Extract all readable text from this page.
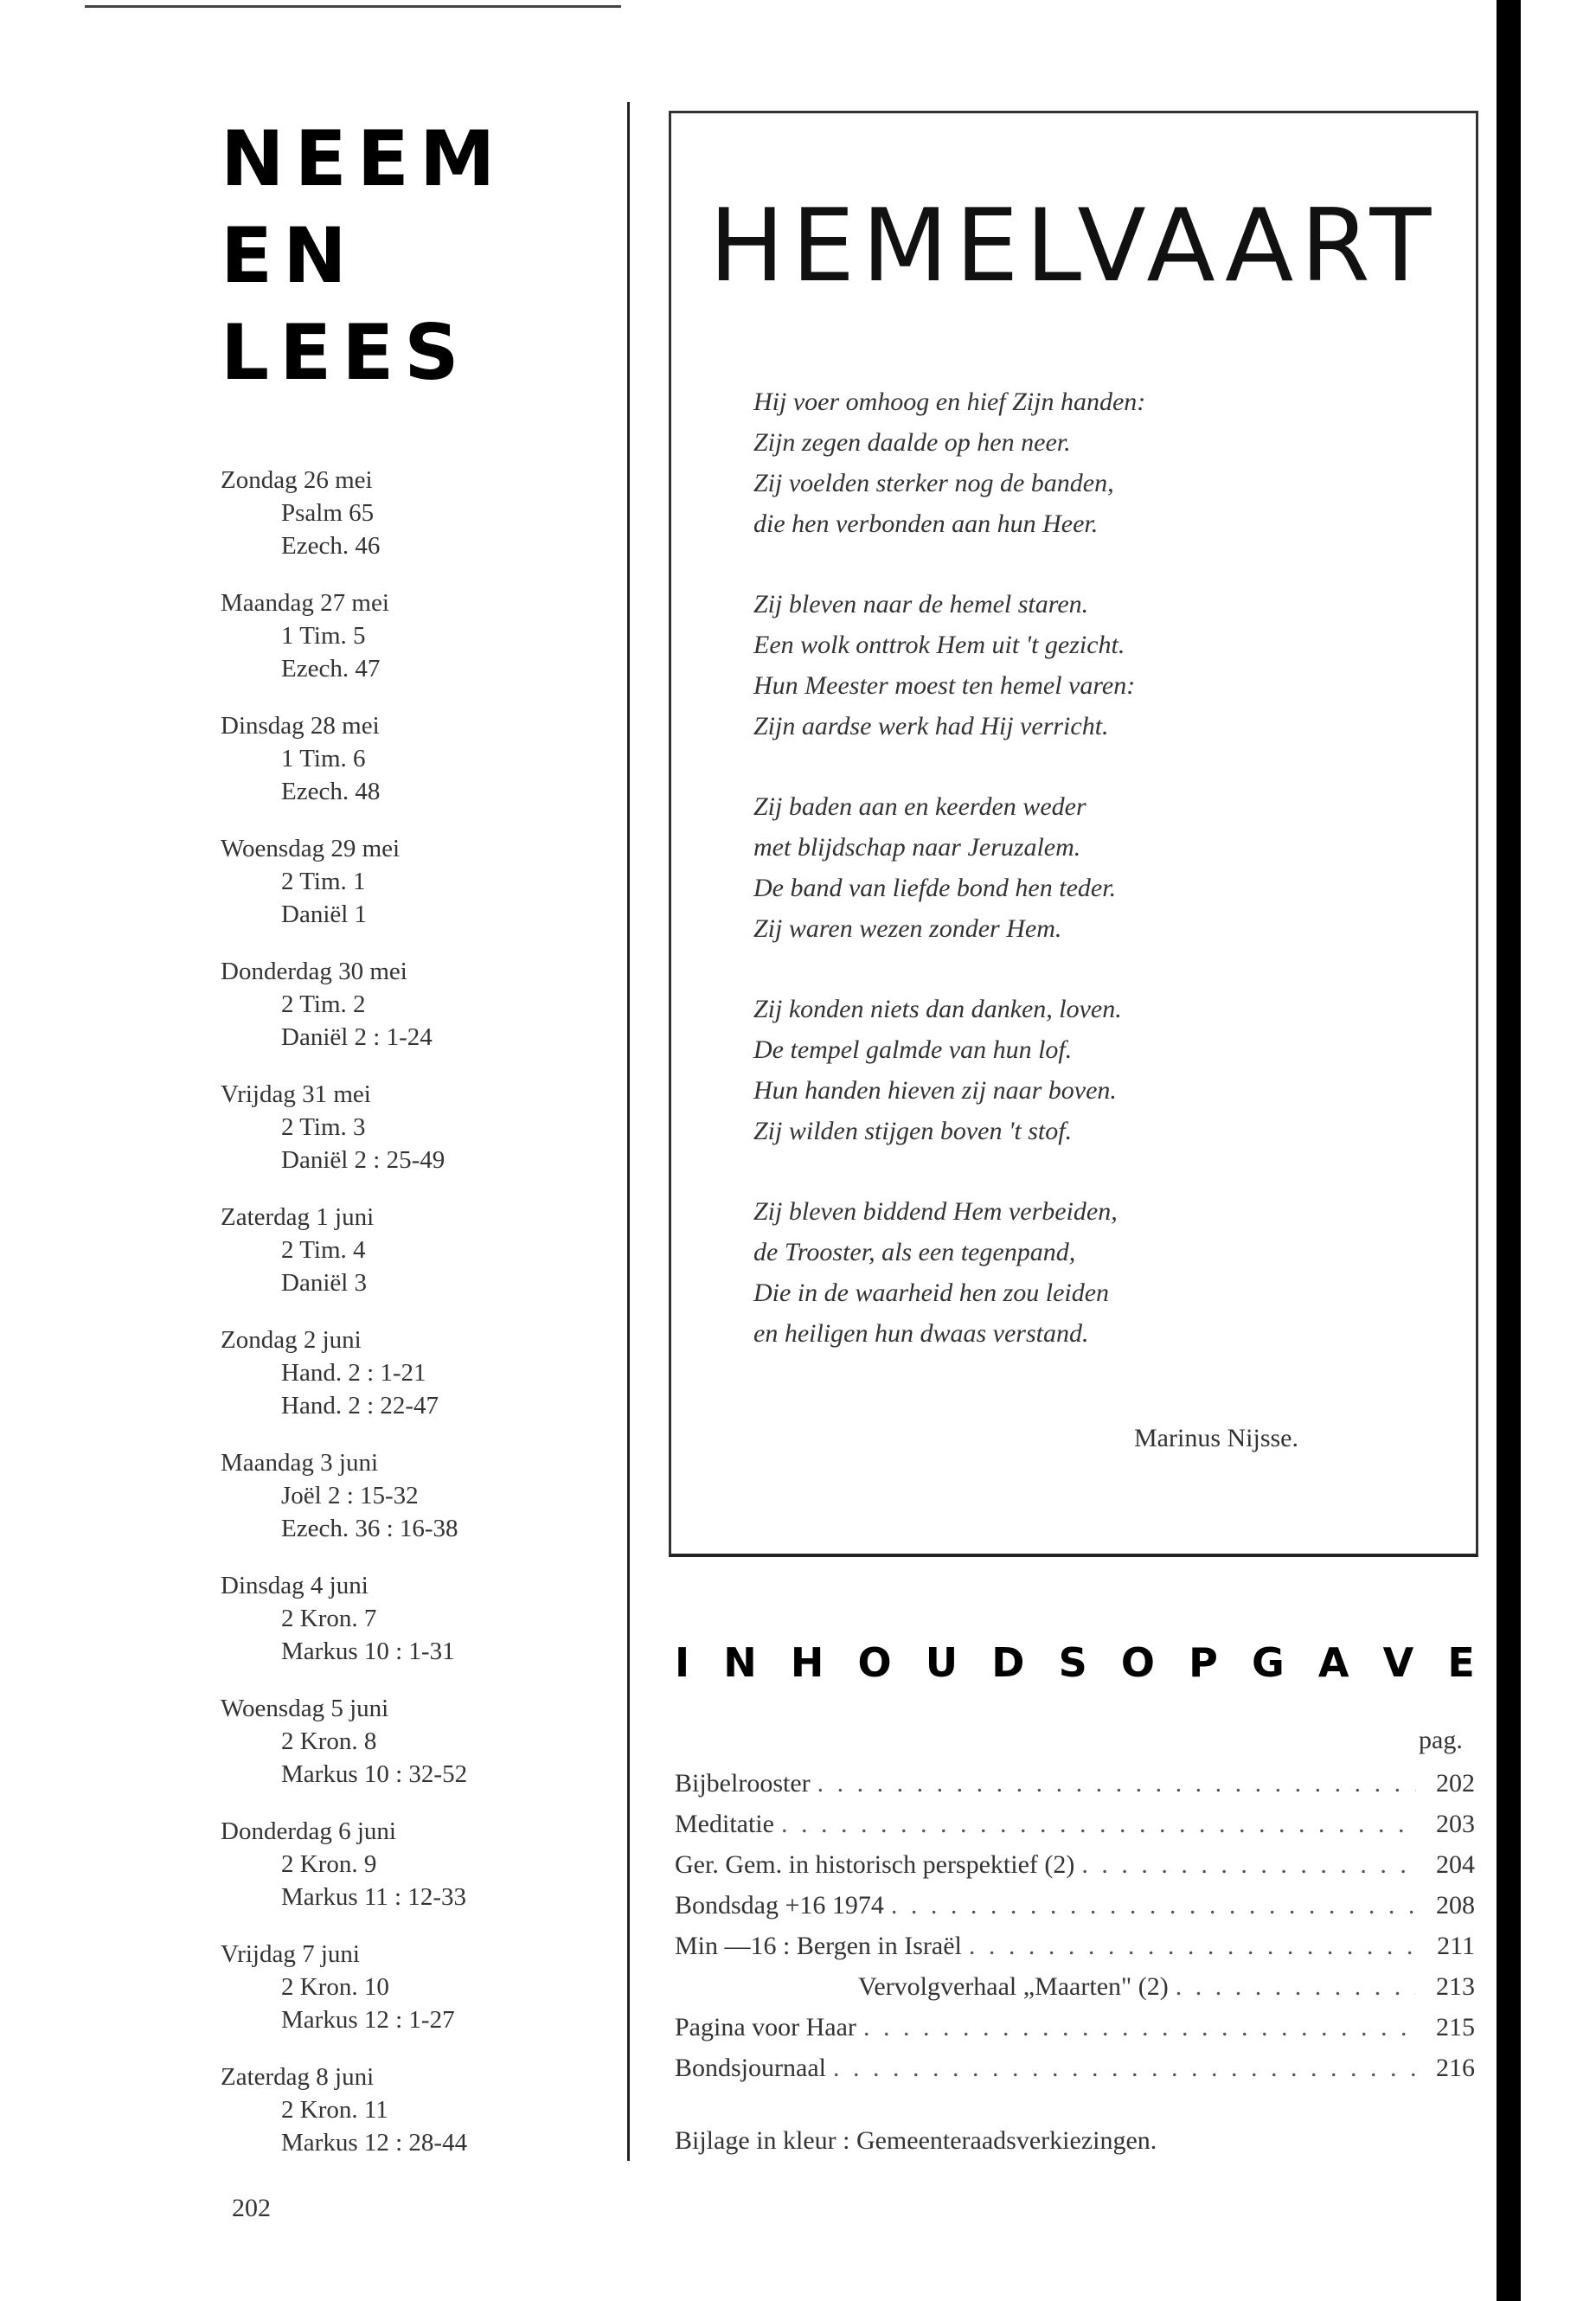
NEEM
EN
LEES
Zondag 26 mei
Psalm 65
Ezech. 46
Maandag 27 mei
1 Tim. 5
Ezech. 47
Dinsdag 28 mei
1 Tim. 6
Ezech. 48
Woensdag 29 mei
2 Tim. 1
Daniël 1
Donderdag 30 mei
2 Tim. 2
Daniël 2 : 1-24
Vrijdag 31 mei
2 Tim. 3
Daniël 2 : 25-49
Zaterdag 1 juni
2 Tim. 4
Daniël 3
Zondag 2 juni
Hand. 2 : 1-21
Hand. 2 : 22-47
Maandag 3 juni
Joël 2 : 15-32
Ezech. 36 : 16-38
Dinsdag 4 juni
2 Kron. 7
Markus 10 : 1-31
Woensdag 5 juni
2 Kron. 8
Markus 10 : 32-52
Donderdag 6 juni
2 Kron. 9
Markus 11 : 12-33
Vrijdag 7 juni
2 Kron. 10
Markus 12 : 1-27
Zaterdag 8 juni
2 Kron. 11
Markus 12 : 28-44
202
HEMELVAART
Hij voer omhoog en hief Zijn handen:
Zijn zegen daalde op hen neer.
Zij voelden sterker nog de banden,
die hen verbonden aan hun Heer.
Zij bleven naar de hemel staren.
Een wolk onttrok Hem uit 't gezicht.
Hun Meester moest ten hemel varen:
Zijn aardse werk had Hij verricht.
Zij baden aan en keerden weder
met blijdschap naar Jeruzalem.
De band van liefde bond hen teder.
Zij waren wezen zonder Hem.
Zij konden niets dan danken, loven.
De tempel galmde van hun lof.
Hun handen hieven zij naar boven.
Zij wilden stijgen boven 't stof.
Zij bleven biddend Hem verbeiden,
de Trooster, als een tegenpand,
Die in de waarheid hen zou leiden
en heiligen hun dwaas verstand.
Marinus Nijsse.
I N H O U D S O P G A V E
pag.
Bijbelrooster . . .	202
Meditatie . . .	203
Ger. Gem. in historisch perspektief (2) . . .	204
Bondsdag +16 1974 . . .	208
Min —16 : Bergen in Israël . . .	211
Vervolgverhaal „Maarten" (2) . . .	213
Pagina voor Haar . . .	215
Bondsjournaal . . .	216
Bijlage in kleur : Gemeenteraadsverkiezingen.
